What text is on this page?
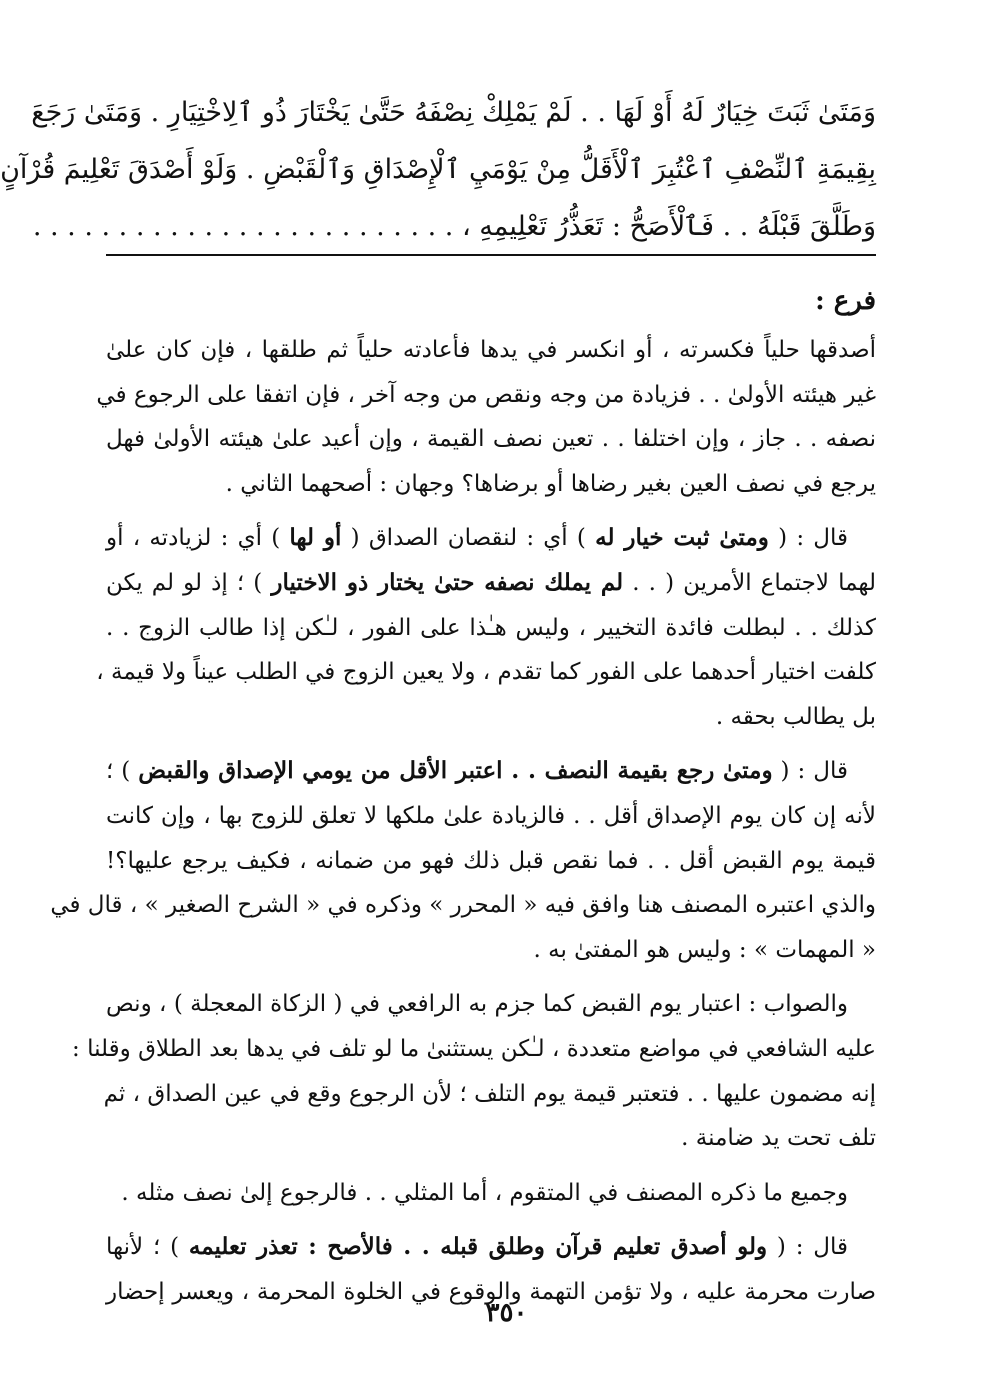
وَمَتَىٰ ثَبَتَ خِيَارٌ لَهُ أَوْ لَهَا . . لَمْ يَمْلِكْ نِصْفَهُ حَتَّىٰ يَخْتَارَ ذُو ٱلِاخْتِيَارِ . وَمَتَىٰ رَجَعَ
بِقِيمَةِ ٱلنِّصْفِ ٱعْتُبِرَ ٱلْأَقَلُّ مِنْ يَوْمَيِ ٱلْإِصْدَاقِ وَٱلْقَبْضِ . وَلَوْ أَصْدَقَ تَعْلِيمَ قُرْآنٍ
وَطَلَّقَ قَبْلَهُ . . فَٱلْأَصَحُّ : تَعَذُّرُ تَعْلِيمِهِ ، . . . . . . . . . . . . . . . . . . . . . . . . .
فرع :
أصدقها حلياً فكسرته ، أو انكسر في يدها فأعادته حلياً ثم طلقها ، فإن كان علىٰ
غير هيئته الأولىٰ . . فزيادة من وجه ونقص من وجه آخر ، فإن اتفقا على الرجوع في
نصفه . . جاز ، وإن اختلفا . . تعين نصف القيمة ، وإن أعيد علىٰ هيئته الأولىٰ فهل
يرجع في نصف العين بغير رضاها أو برضاها؟ وجهان : أصحهما الثاني .
قال : ( ومتىٰ ثبت خيار له ) أي : لنقصان الصداق ( أو لها ) أي : لزيادته ، أو
لهما لاجتماع الأمرين ( . . لم يملك نصفه حتىٰ يختار ذو الاختيار ) ؛ إذ لو لم يكن
كذلك . . لبطلت فائدة التخيير ، وليس هـٰذا على الفور ، لـٰكن إذا طالب الزوج . .
كلفت اختيار أحدهما على الفور كما تقدم ، ولا يعين الزوج في الطلب عيناً ولا قيمة ،
بل يطالب بحقه .
قال : ( ومتىٰ رجع بقيمة النصف . . اعتبر الأقل من يومي الإصداق والقبض ) ؛
لأنه إن كان يوم الإصداق أقل . . فالزيادة علىٰ ملكها لا تعلق للزوج بها ، وإن كانت
قيمة يوم القبض أقل . . فما نقص قبل ذلك فهو من ضمانه ، فكيف يرجع عليها؟!
والذي اعتبره المصنف هنا وافق فيه « المحرر » وذكره في « الشرح الصغير » ، قال في
« المهمات » : وليس هو المفتىٰ به .
والصواب : اعتبار يوم القبض كما جزم به الرافعي في ( الزكاة المعجلة ) ، ونص
عليه الشافعي في مواضع متعددة ، لـٰكن يستثنىٰ ما لو تلف في يدها بعد الطلاق وقلنا :
إنه مضمون عليها . . فتعتبر قيمة يوم التلف ؛ لأن الرجوع وقع في عين الصداق ، ثم
تلف تحت يد ضامنة .
وجميع ما ذكره المصنف في المتقوم ، أما المثلي . . فالرجوع إلىٰ نصف مثله .
قال : ( ولو أصدق تعليم قرآن وطلق قبله . . فالأصح : تعذر تعليمه ) ؛ لأنها
صارت محرمة عليه ، ولا تؤمن التهمة والوقوع في الخلوة المحرمة ، ويعسر إحضار
٣٥٠
